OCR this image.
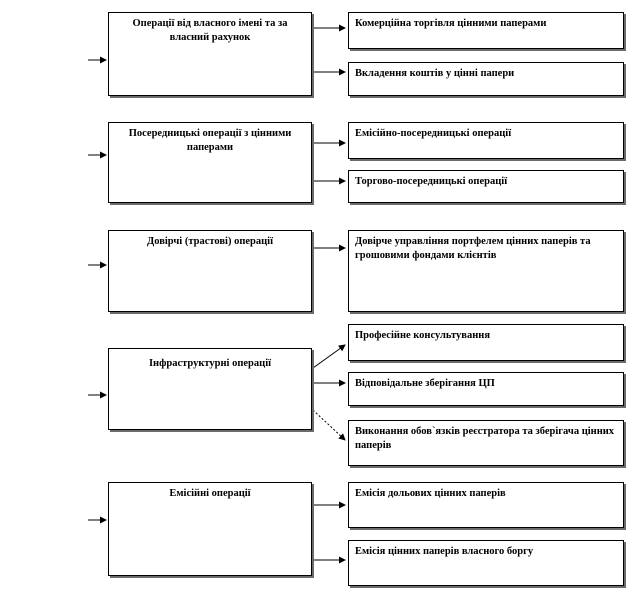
Операції від власного імені та за власний рахунок
Комерційна торгівля цінними паперами
Вкладення коштів у цінні папери
Посередницькі операції з цінними паперами
Емісійно-посередницькі операції
Торгово-посередницькі операції
Довірчі (трастові) операції	Довірче управління портфелем цінних паперів та грошовими фондами клієнтів
Інфраструктурні операції
Професійне консультування
Відповідальне зберігання ЦП
Виконання обов`язків реєстратора та зберігача цінних паперів
Емісійні операції	Емісія дольових цінних паперів
Емісія цінних паперів власного боргу
